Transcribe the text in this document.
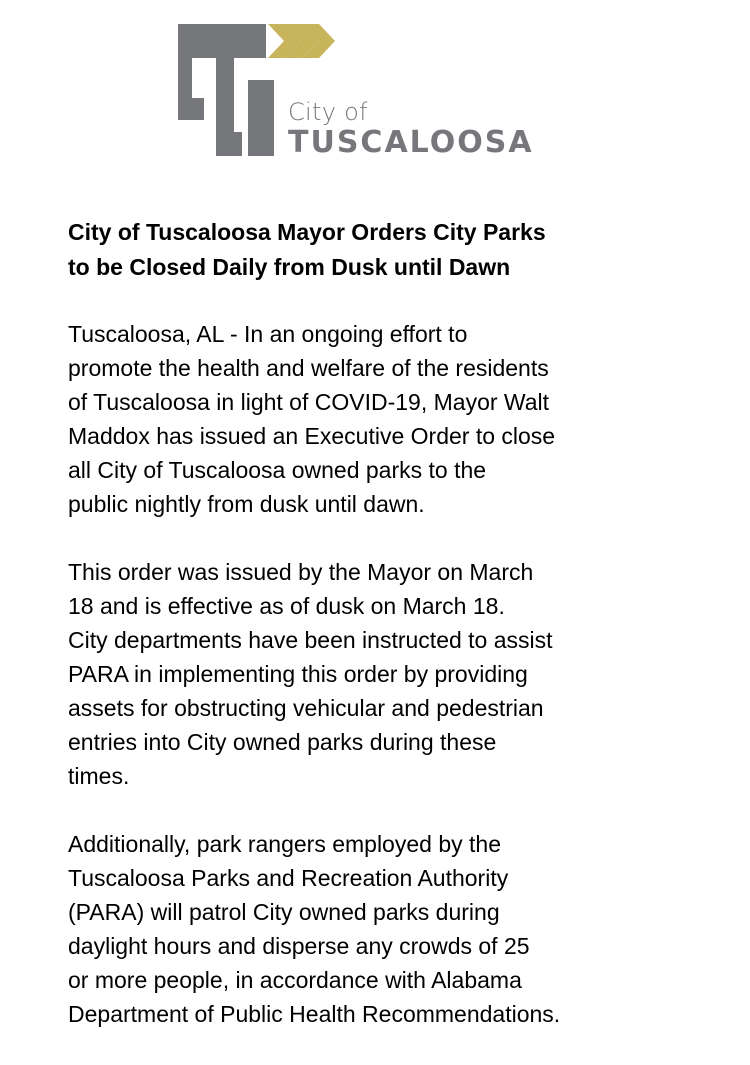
City of
TUSCALOOSA
City of Tuscaloosa Mayor Orders City Parks
to be Closed Daily from Dusk until Dawn

Tuscaloosa, AL - In an ongoing effort to
promote the health and welfare of the residents
of Tuscaloosa in light of COVID-19, Mayor Walt
Maddox has issued an Executive Order to close
all City of Tuscaloosa owned parks to the
public nightly from dusk until dawn.

This order was issued by the Mayor on March
18 and is effective as of dusk on March 18.
City departments have been instructed to assist
PARA in implementing this order by providing
assets for obstructing vehicular and pedestrian
entries into City owned parks during these
times.

Additionally, park rangers employed by the
Tuscaloosa Parks and Recreation Authority
(PARA) will patrol City owned parks during
daylight hours and disperse any crowds of 25
or more people, in accordance with Alabama
Department of Public Health Recommendations.
